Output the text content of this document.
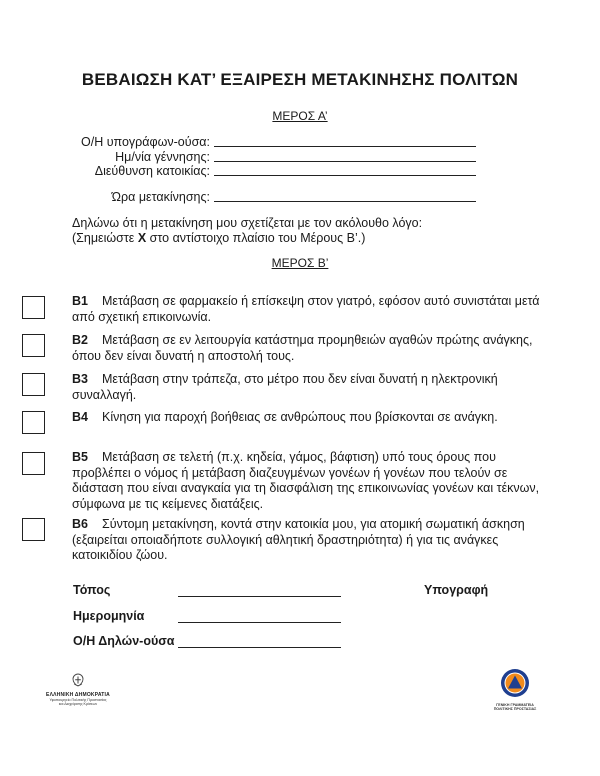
ΒΕΒΑΙΩΣΗ ΚΑΤ’ ΕΞΑΙΡΕΣΗ ΜΕΤΑΚΙΝΗΣΗΣ ΠΟΛΙΤΩΝ
ΜΕΡΟΣ Α’
Ο/Η υπογράφων-ούσα:
Ημ/νία γέννησης:
Διεύθυνση κατοικίας:
Ώρα μετακίνησης:
Δηλώνω ότι η μετακίνηση μου σχετίζεται με τον ακόλουθο λόγο:
(Σημειώστε Χ στο αντίστοιχο πλαίσιο του Μέρους Β’.)
ΜΕΡΟΣ Β’
Β1 Μετάβαση σε φαρμακείο ή επίσκεψη στον γιατρό, εφόσον αυτό συνιστάται μετά από σχετική επικοινωνία.
Β2 Μετάβαση σε εν λειτουργία κατάστημα προμηθειών αγαθών πρώτης ανάγκης, όπου δεν είναι δυνατή η αποστολή τους.
Β3 Μετάβαση στην τράπεζα, στο μέτρο που δεν είναι δυνατή η ηλεκτρονική συναλλαγή.
Β4 Κίνηση για παροχή βοήθειας σε ανθρώπους που βρίσκονται σε ανάγκη.
Β5 Μετάβαση σε τελετή (π.χ. κηδεία, γάμος, βάφτιση) υπό τους όρους που προβλέπει ο νόμος ή μετάβαση διαζευγμένων γονέων ή γονέων που τελούν σε διάσταση που είναι αναγκαία για τη διασφάλιση της επικοινωνίας γονέων και τέκνων, σύμφωνα με τις κείμενες διατάξεις.
Β6 Σύντομη μετακίνηση, κοντά στην κατοικία μου, για ατομική σωματική άσκηση (εξαιρείται οποιαδήποτε συλλογική αθλητική δραστηριότητα) ή για τις ανάγκες κατοικιδίου ζώου.
Τόπος	Υπογραφή
Ημερομηνία
Ο/Η Δηλών-ούσα
ΕΛΛΗΝΙΚΗ ΔΗΜΟΚΡΑΤΙΑ
Υφυπουργείο Πολιτικής Προστασίας
και Διαχείρισης Κρίσεων	ΓΕΝΙΚΗ ΓΡΑΜΜΑΤΕΙΑ
ΠΟΛΙΤΙΚΗΣ ΠΡΟΣΤΑΣΙΑΣ
